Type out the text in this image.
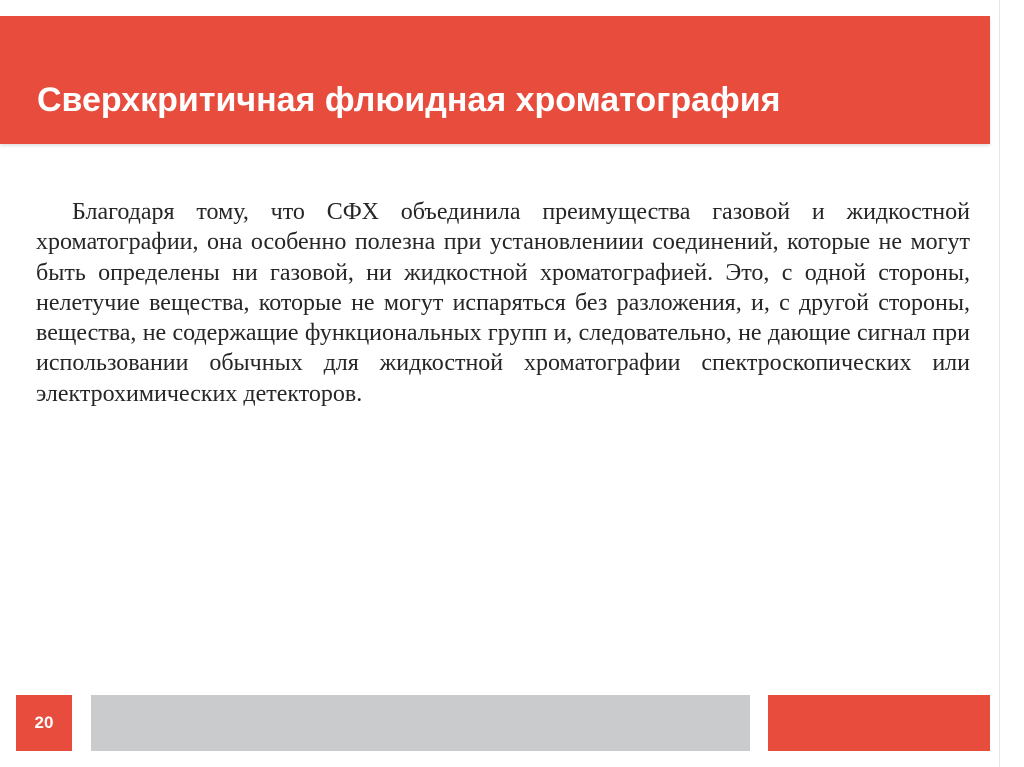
Сверхкритичная флюидная хроматография

Благодаря тому, что СФХ объединила преимущества газовой и жидкостной хроматографии, она особенно полезна при установлениии соединений, которые не могут быть определены ни газовой, ни жидкостной хроматографией. Это, с одной стороны, нелетучие вещества, которые не могут испаряться без разложения, и, с другой стороны, вещества, не содержащие функциональных групп и, следовательно, не дающие сигнал при использовании обычных для жидкостной хроматографии спектроскопических или электрохимических детекторов.

20
